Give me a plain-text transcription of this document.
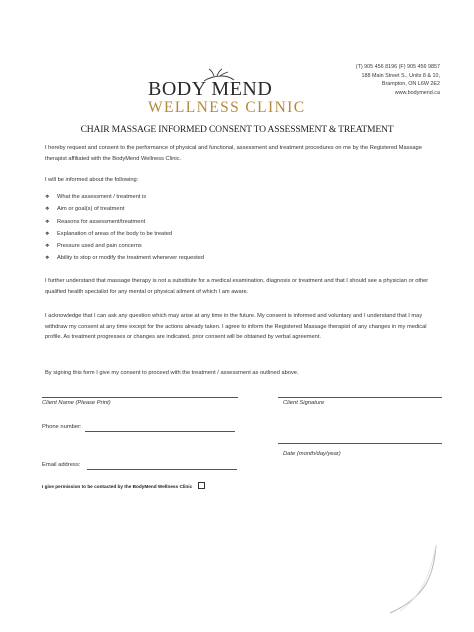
BODY MEND
WELLNESS CLINIC
(T) 905 456 8196 (F) 905 456 9857
188 Main Street S., Units 8 & 10,
Brampton, ON L6W 2E2
www.bodymend.ca
CHAIR MASSAGE INFORMED CONSENT TO ASSESSMENT & TREATMENT
I hereby request and consent to the performance of physical and functional, assessment and treatment procedures on me by the Registered Massage therapist affiliated with the BodyMend Wellness Clinic.
I will be informed about the following:
❖ What the assessment / treatment is
❖ Aim or goal(s) of treatment
❖ Reasons for assessment/treatment
❖ Explanation of areas of the body to be treated
❖ Pressure used and pain concerns
❖ Ability to stop or modify the treatment whenever requested
I further understand that massage therapy is not a substitute for a medical examination, diagnosis or treatment and that I should see a physician or other qualified health specialist for any mental or physical ailment of which I am aware.
I acknowledge that I can ask any question which may arise at any time in the future. My consent is informed and voluntary and I understand that I may withdraw my consent at any time except for the actions already taken. I agree to inform the Registered Massage therapist of any changes in my medical profile. As treatment progresses or changes are indicated, prior consent will be obtained by verbal agreement.
By signing this form I give my consent to proceed with the treatment / assessment as outlined above.
Client Name (Please Print)	Client Signature
Phone number:
Date (month/day/year)
Email address:
I give permission to be contacted by the BodyMend Wellness Clinic
